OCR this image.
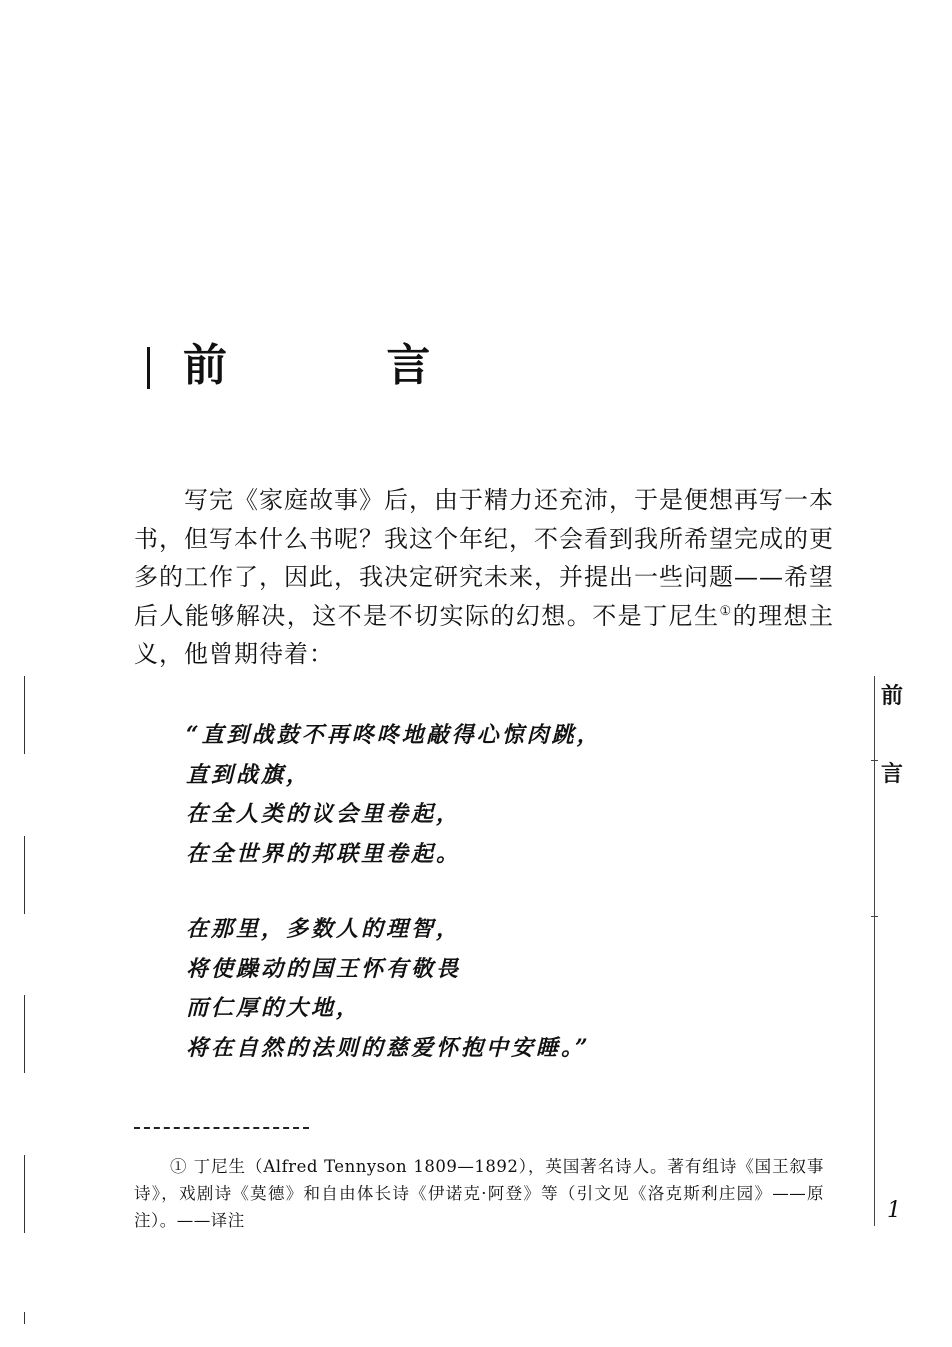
前 言

写完《家庭故事》后，由于精力还充沛，于是便想再写一本书，但写本什么书呢？我这个年纪，不会看到我所希望完成的更多的工作了，因此，我决定研究未来，并提出一些问题——希望后人能够解决，这不是不切实际的幻想。不是丁尼生①的理想主义，他曾期待着：

“直到战鼓不再咚咚地敲得心惊肉跳，
直到战旗，
在全人类的议会里卷起，
在全世界的邦联里卷起。
在那里，多数人的理智，
将使躁动的国王怀有敬畏
而仁厚的大地，
将在自然的法则的慈爱怀抱中安睡。”

① 丁尼生（Alfred Tennyson 1809—1892），英国著名诗人。著有组诗《国王叙事诗》，戏剧诗《莫德》和自由体长诗《伊诺克·阿登》等（引文见《洛克斯利庄园》——原注）。——译注

前
言
1
